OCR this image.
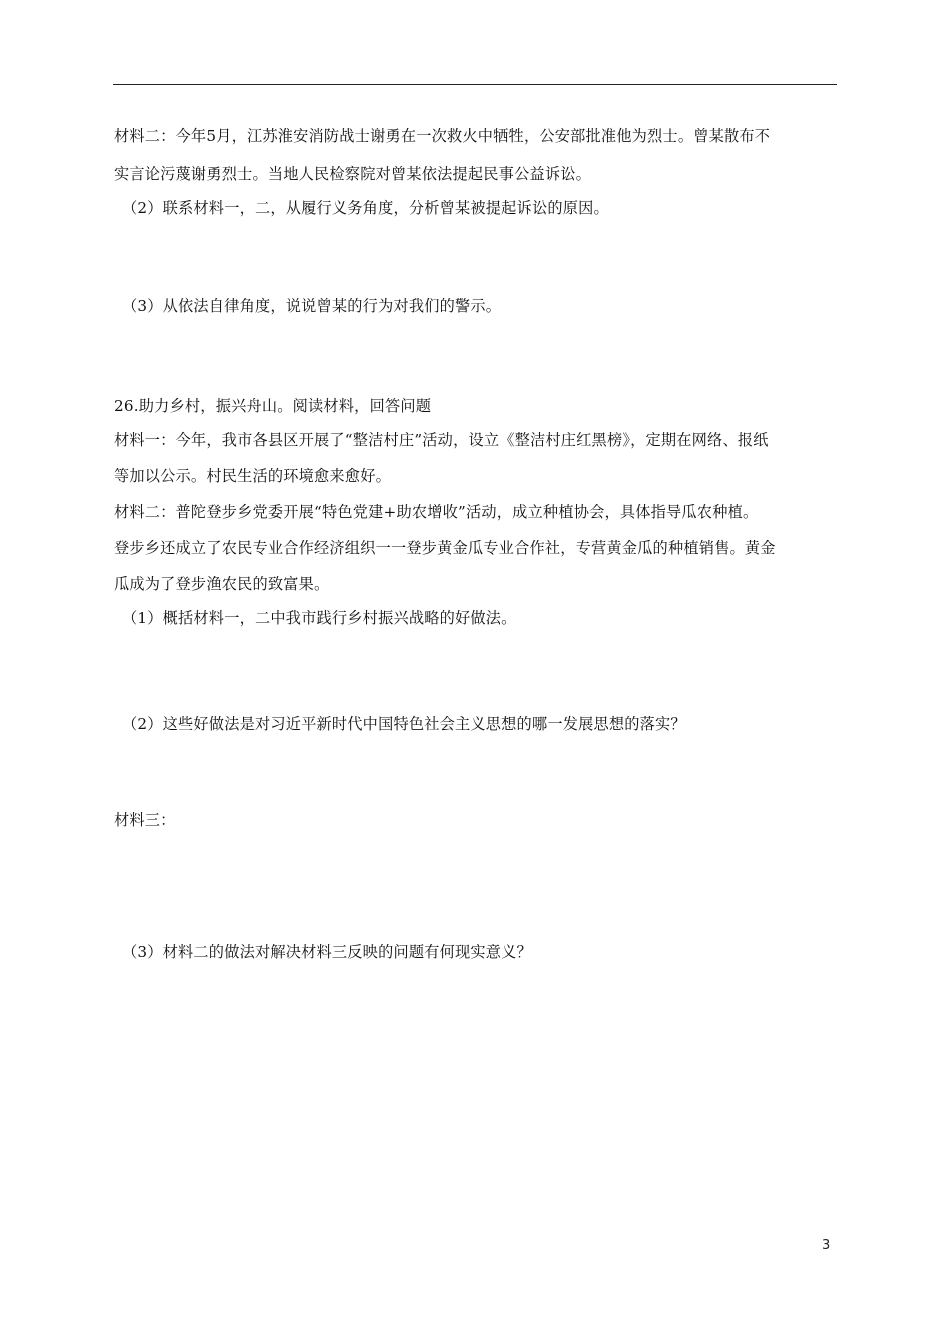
材料二：今年5月，江苏淮安消防战士谢勇在一次救火中牺牲，公安部批准他为烈士。曾某散布不
实言论污蔑谢勇烈士。当地人民检察院对曾某依法提起民事公益诉讼。
（2）联系材料一，二，从履行义务角度，分析曾某被提起诉讼的原因。
（3）从依法自律角度，说说曾某的行为对我们的警示。
26.助力乡村，振兴舟山。阅读材料，回答问题
材料一：今年，我市各县区开展了“整洁村庄”活动，设立《整洁村庄红黑榜》，定期在网络、报纸
等加以公示。村民生活的环境愈来愈好。
材料二：普陀登步乡党委开展“特色党建+助农增收”活动，成立种植协会，具体指导瓜农种植。
登步乡还成立了农民专业合作经济组织一一登步黄金瓜专业合作社，专营黄金瓜的种植销售。黄金
瓜成为了登步渔农民的致富果。
（1）概括材料一，二中我市践行乡村振兴战略的好做法。
（2）这些好做法是对习近平新时代中国特色社会主义思想的哪一发展思想的落实？
材料三：
（3）材料二的做法对解决材料三反映的问题有何现实意义？
3
